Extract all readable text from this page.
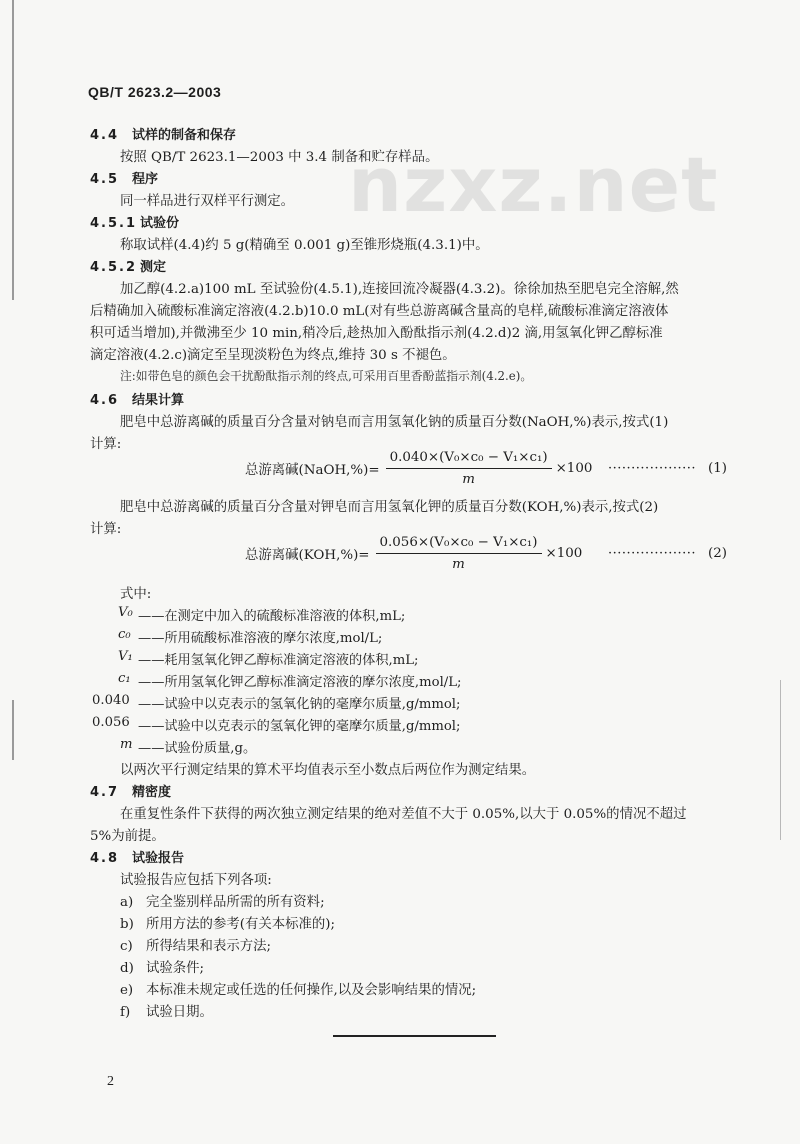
nzxz.net
QB/T 2623.2—2003
4.4 试样的制备和保存
按照 QB/T 2623.1—2003 中 3.4 制备和贮存样品。
4.5 程序
同一样品进行双样平行测定。
4.5.1 试验份
称取试样(4.4)约 5 g(精确至 0.001 g)至锥形烧瓶(4.3.1)中。
4.5.2 测定
加乙醇(4.2.a)100 mL 至试验份(4.5.1),连接回流冷凝器(4.3.2)。徐徐加热至肥皂完全溶解,然
后精确加入硫酸标准滴定溶液(4.2.b)10.0 mL(对有些总游离碱含量高的皂样,硫酸标准滴定溶液体
积可适当增加),并微沸至少 10 min,稍冷后,趁热加入酚酞指示剂(4.2.d)2 滴,用氢氧化钾乙醇标准
滴定溶液(4.2.c)滴定至呈现淡粉色为终点,维持 30 s 不褪色。
注:如带色皂的颜色会干扰酚酞指示剂的终点,可采用百里香酚蓝指示剂(4.2.e)。
4.6 结果计算
肥皂中总游离碱的质量百分含量对钠皂而言用氢氧化钠的质量百分数(NaOH,%)表示,按式(1)
计算:
总游离碱(NaOH,%)= $\frac{\text{0.040×(V₀×c₀ − V₁×c₁)}}{m} \times 100$ ··················· (1)
肥皂中总游离碱的质量百分含量对钾皂而言用氢氧化钾的质量百分数(KOH,%)表示,按式(2)
计算:
总游离碱$(KOH,\%)= \frac{\text{0.056×(V₀×c₀ − V₁×c₁)}}{m} \times 100$ ··················· (2)
式中:
V₀ ——在测定中加入的硫酸标准溶液的体积,mL;
c₀ ——所用硫酸标准溶液的摩尔浓度,mol/L;
V₁ ——耗用氢氧化钾乙醇标准滴定溶液的体积,mL;
c₁ ——所用氢氧化钾乙醇标准滴定溶液的摩尔浓度,mol/L;
0.040 ——试验中以克表示的氢氧化钠的毫摩尔质量,g/mmol;
0.056 ——试验中以克表示的氢氧化钾的毫摩尔质量,g/mmol;
m ——试验份质量,g。
以两次平行测定结果的算术平均值表示至小数点后两位作为测定结果。
4.7 精密度
在重复性条件下获得的两次独立测定结果的绝对差值不大于 0.05%,以大于 0.05%的情况不超过
5%为前提。
4.8 试验报告
试验报告应包括下列各项:
a) 完全鉴别样品所需的所有资料;
b) 所用方法的参考(有关本标准的);
c) 所得结果和表示方法;
d) 试验条件;
e) 本标准未规定或任选的任何操作,以及会影响结果的情况;
f) 试验日期。
2
